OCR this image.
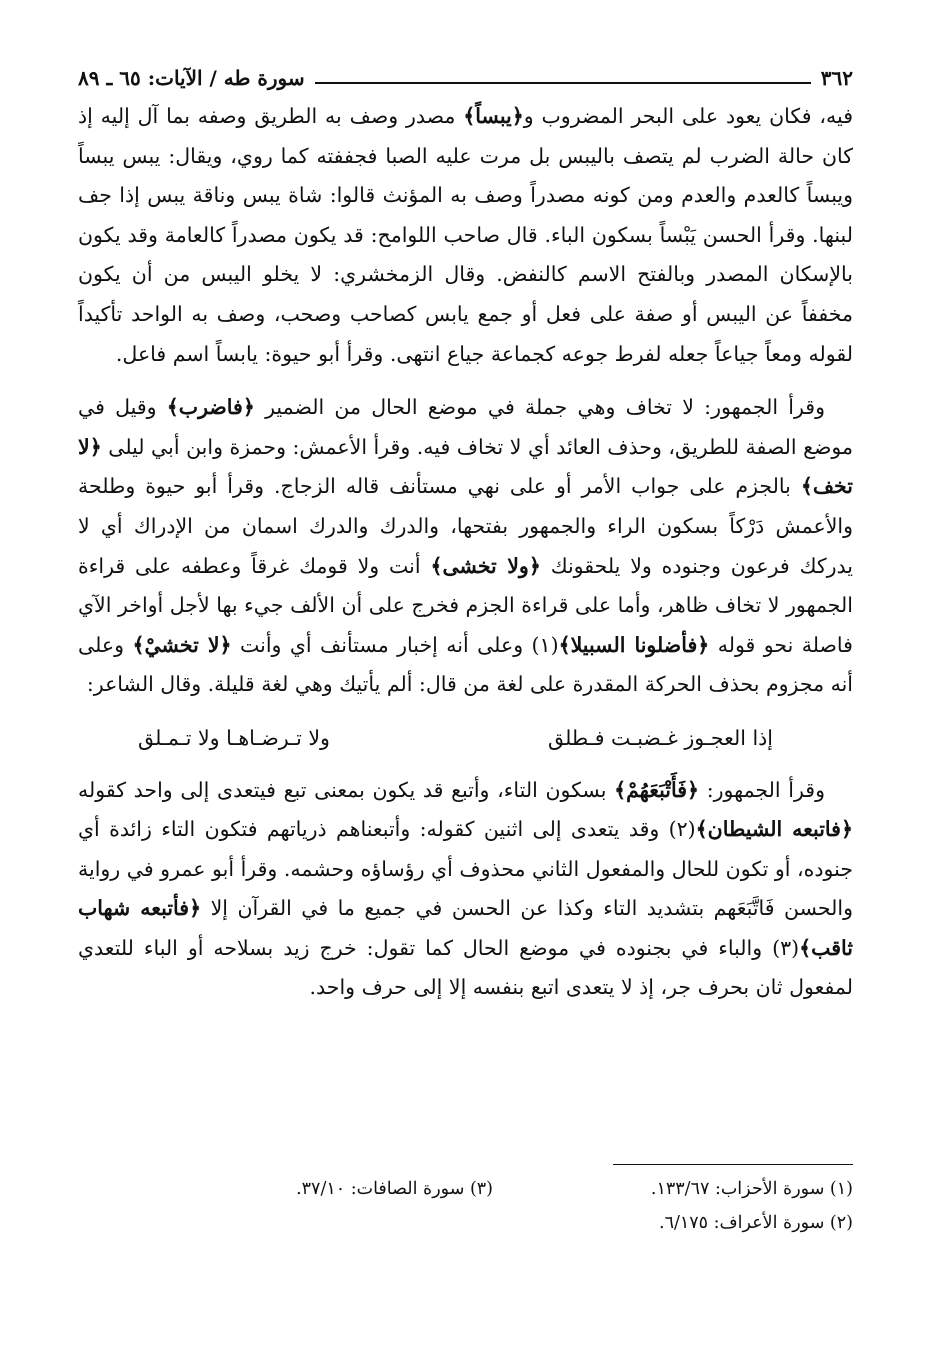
٣٦٢
سورة طه / الآيات: ٦٥ ـ ٨٩

فيه، فكان يعود على البحر المضروب و﴿يبساً﴾ مصدر وصف به الطريق وصفه بما آل إليه إذ كان حالة الضرب لم يتصف باليبس بل مرت عليه الصبا فجففته كما روي، ويقال: يبس يبساً ويبساً كالعدم والعدم ومن كونه مصدراً وصف به المؤنث قالوا: شاة يبس وناقة يبس إذا جف لبنها. وقرأ الحسن يَبْساً بسكون الباء. قال صاحب اللوامح: قد يكون مصدراً كالعامة وقد يكون بالإسكان المصدر وبالفتح الاسم كالنفض. وقال الزمخشري: لا يخلو اليبس من أن يكون مخففاً عن اليبس أو صفة على فعل أو جمع يابس كصاحب وصحب، وصف به الواحد تأكيداً لقوله ومعاً جياعاً جعله لفرط جوعه كجماعة جياع انتهى. وقرأ أبو حيوة: يابساً اسم فاعل.

وقرأ الجمهور: لا تخاف وهي جملة في موضع الحال من الضمير ﴿فاضرب﴾ وقيل في موضع الصفة للطريق، وحذف العائد أي لا تخاف فيه. وقرأ الأعمش: وحمزة وابن أبي ليلى ﴿لا تخف﴾ بالجزم على جواب الأمر أو على نهي مستأنف قاله الزجاج. وقرأ أبو حيوة وطلحة والأعمش دَرْكاً بسكون الراء والجمهور بفتحها، والدرك والدرك اسمان من الإدراك أي لا يدركك فرعون وجنوده ولا يلحقونك ﴿ولا تخشى﴾ أنت ولا قومك غرقاً وعطفه على قراءة الجمهور لا تخاف ظاهر، وأما على قراءة الجزم فخرج على أن الألف جيء بها لأجل أواخر الآي فاصلة نحو قوله ﴿فأضلونا السبيلا﴾(١) وعلى أنه إخبار مستأنف أي وأنت ﴿لا تخشيْ﴾ وعلى أنه مجزوم بحذف الحركة المقدرة على لغة من قال: ألم يأتيك وهي لغة قليلة. وقال الشاعر:

إذا العجـوز غـضبـت فـطلق
ولا تـرضـاهـا ولا تـمـلق

وقرأ الجمهور: ﴿فَأَتْبَعَهُمْ﴾ بسكون التاء، وأتبع قد يكون بمعنى تبع فيتعدى إلى واحد كقوله ﴿فاتبعه الشيطان﴾(٢) وقد يتعدى إلى اثنين كقوله: وأتبعناهم ذرياتهم فتكون التاء زائدة أي جنوده، أو تكون للحال والمفعول الثاني محذوف أي رؤساؤه وحشمه. وقرأ أبو عمرو في رواية والحسن فَاتَّبَعَهم بتشديد التاء وكذا عن الحسن في جميع ما في القرآن إلا ﴿فأتبعه شهاب ثاقب﴾(٣) والباء في بجنوده في موضع الحال كما تقول: خرج زيد بسلاحه أو الباء للتعدي لمفعول ثان بحرف جر، إذ لا يتعدى اتبع بنفسه إلا إلى حرف واحد.

(١) سورة الأحزاب: ١٣٣/٦٧.
(٣) سورة الصافات: ٣٧/١٠.
(٢) سورة الأعراف: ٦/١٧٥.
